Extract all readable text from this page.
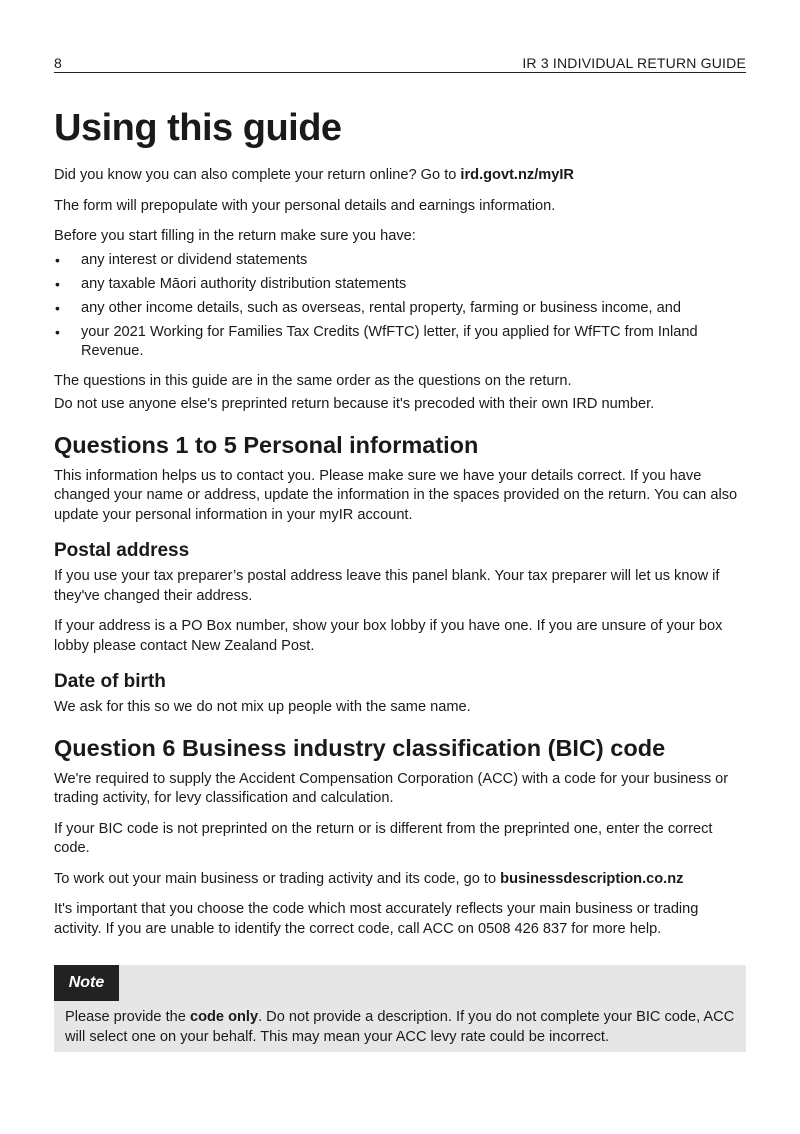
8	IR 3 INDIVIDUAL RETURN GUIDE
Using this guide

Did you know you can also complete your return online? Go to ird.govt.nz/myIR

The form will prepopulate with your personal details and earnings information.

Before you start filling in the return make sure you have:

• any interest or dividend statements
• any taxable Māori authority distribution statements
• any other income details, such as overseas, rental property, farming or business income, and
• your 2021 Working for Families Tax Credits (WfFTC) letter, if you applied for WfFTC from Inland Revenue.

The questions in this guide are in the same order as the questions on the return.

Do not use anyone else's preprinted return because it's precoded with their own IRD number.

Questions 1 to 5 Personal information

This information helps us to contact you. Please make sure we have your details correct. If you have changed your name or address, update the information in the spaces provided on the return. You can also update your personal information in your myIR account.

Postal address

If you use your tax preparer’s postal address leave this panel blank. Your tax preparer will let us know if they've changed their address.

If your address is a PO Box number, show your box lobby if you have one. If you are unsure of your box lobby please contact New Zealand Post.

Date of birth

We ask for this so we do not mix up people with the same name.

Question 6 Business industry classification (BIC) code

We're required to supply the Accident Compensation Corporation (ACC) with a code for your business or trading activity, for levy classification and calculation.

If your BIC code is not preprinted on the return or is different from the preprinted one, enter the correct code.

To work out your main business or trading activity and its code, go to businessdescription.co.nz

It's important that you choose the code which most accurately reflects your main business or trading activity. If you are unable to identify the correct code, call ACC on 0508 426 837 for more help.

Note
Please provide the code only. Do not provide a description. If you do not complete your BIC code, ACC will select one on your behalf. This may mean your ACC levy rate could be incorrect.
